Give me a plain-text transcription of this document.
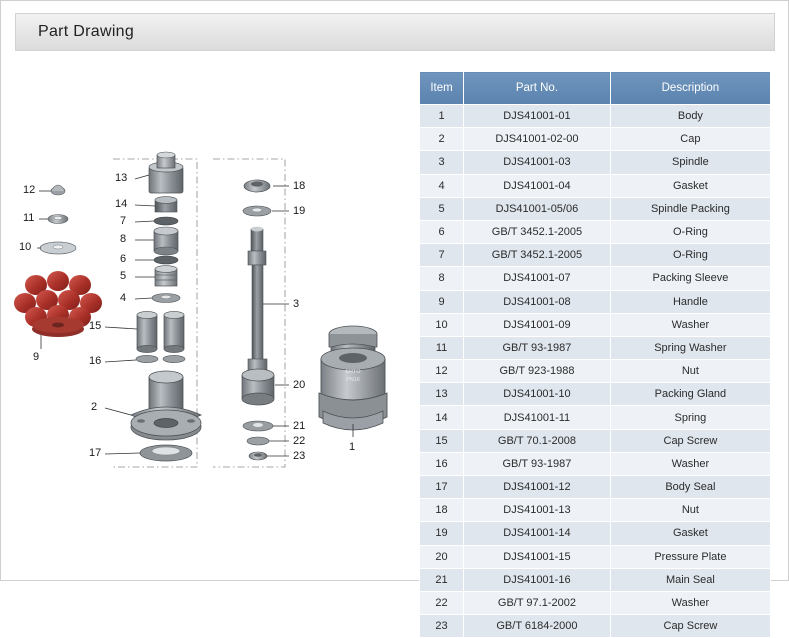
Part Drawing
ERTO
PN16
12
11
10
9
13
14
7
8
6
5
4
15
16
2
17
18
19
3
20
21
22
23
1
Item	Part No.	Description
1	DJS41001-01	Body
2	DJS41001-02-00	Cap
3	DJS41001-03	Spindle
4	DJS41001-04	Gasket
5	DJS41001-05/06	Spindle Packing
6	GB/T 3452.1-2005	O-Ring
7	GB/T 3452.1-2005	O-Ring
8	DJS41001-07	Packing Sleeve
9	DJS41001-08	Handle
10	DJS41001-09	Washer
11	GB/T 93-1987	Spring Washer
12	GB/T 923-1988	Nut
13	DJS41001-10	Packing Gland
14	DJS41001-11	Spring
15	GB/T 70.1-2008	Cap Screw
16	GB/T 93-1987	Washer
17	DJS41001-12	Body Seal
18	DJS41001-13	Nut
19	DJS41001-14	Gasket
20	DJS41001-15	Pressure Plate
21	DJS41001-16	Main Seal
22	GB/T 97.1-2002	Washer
23	GB/T 6184-2000	Cap Screw
